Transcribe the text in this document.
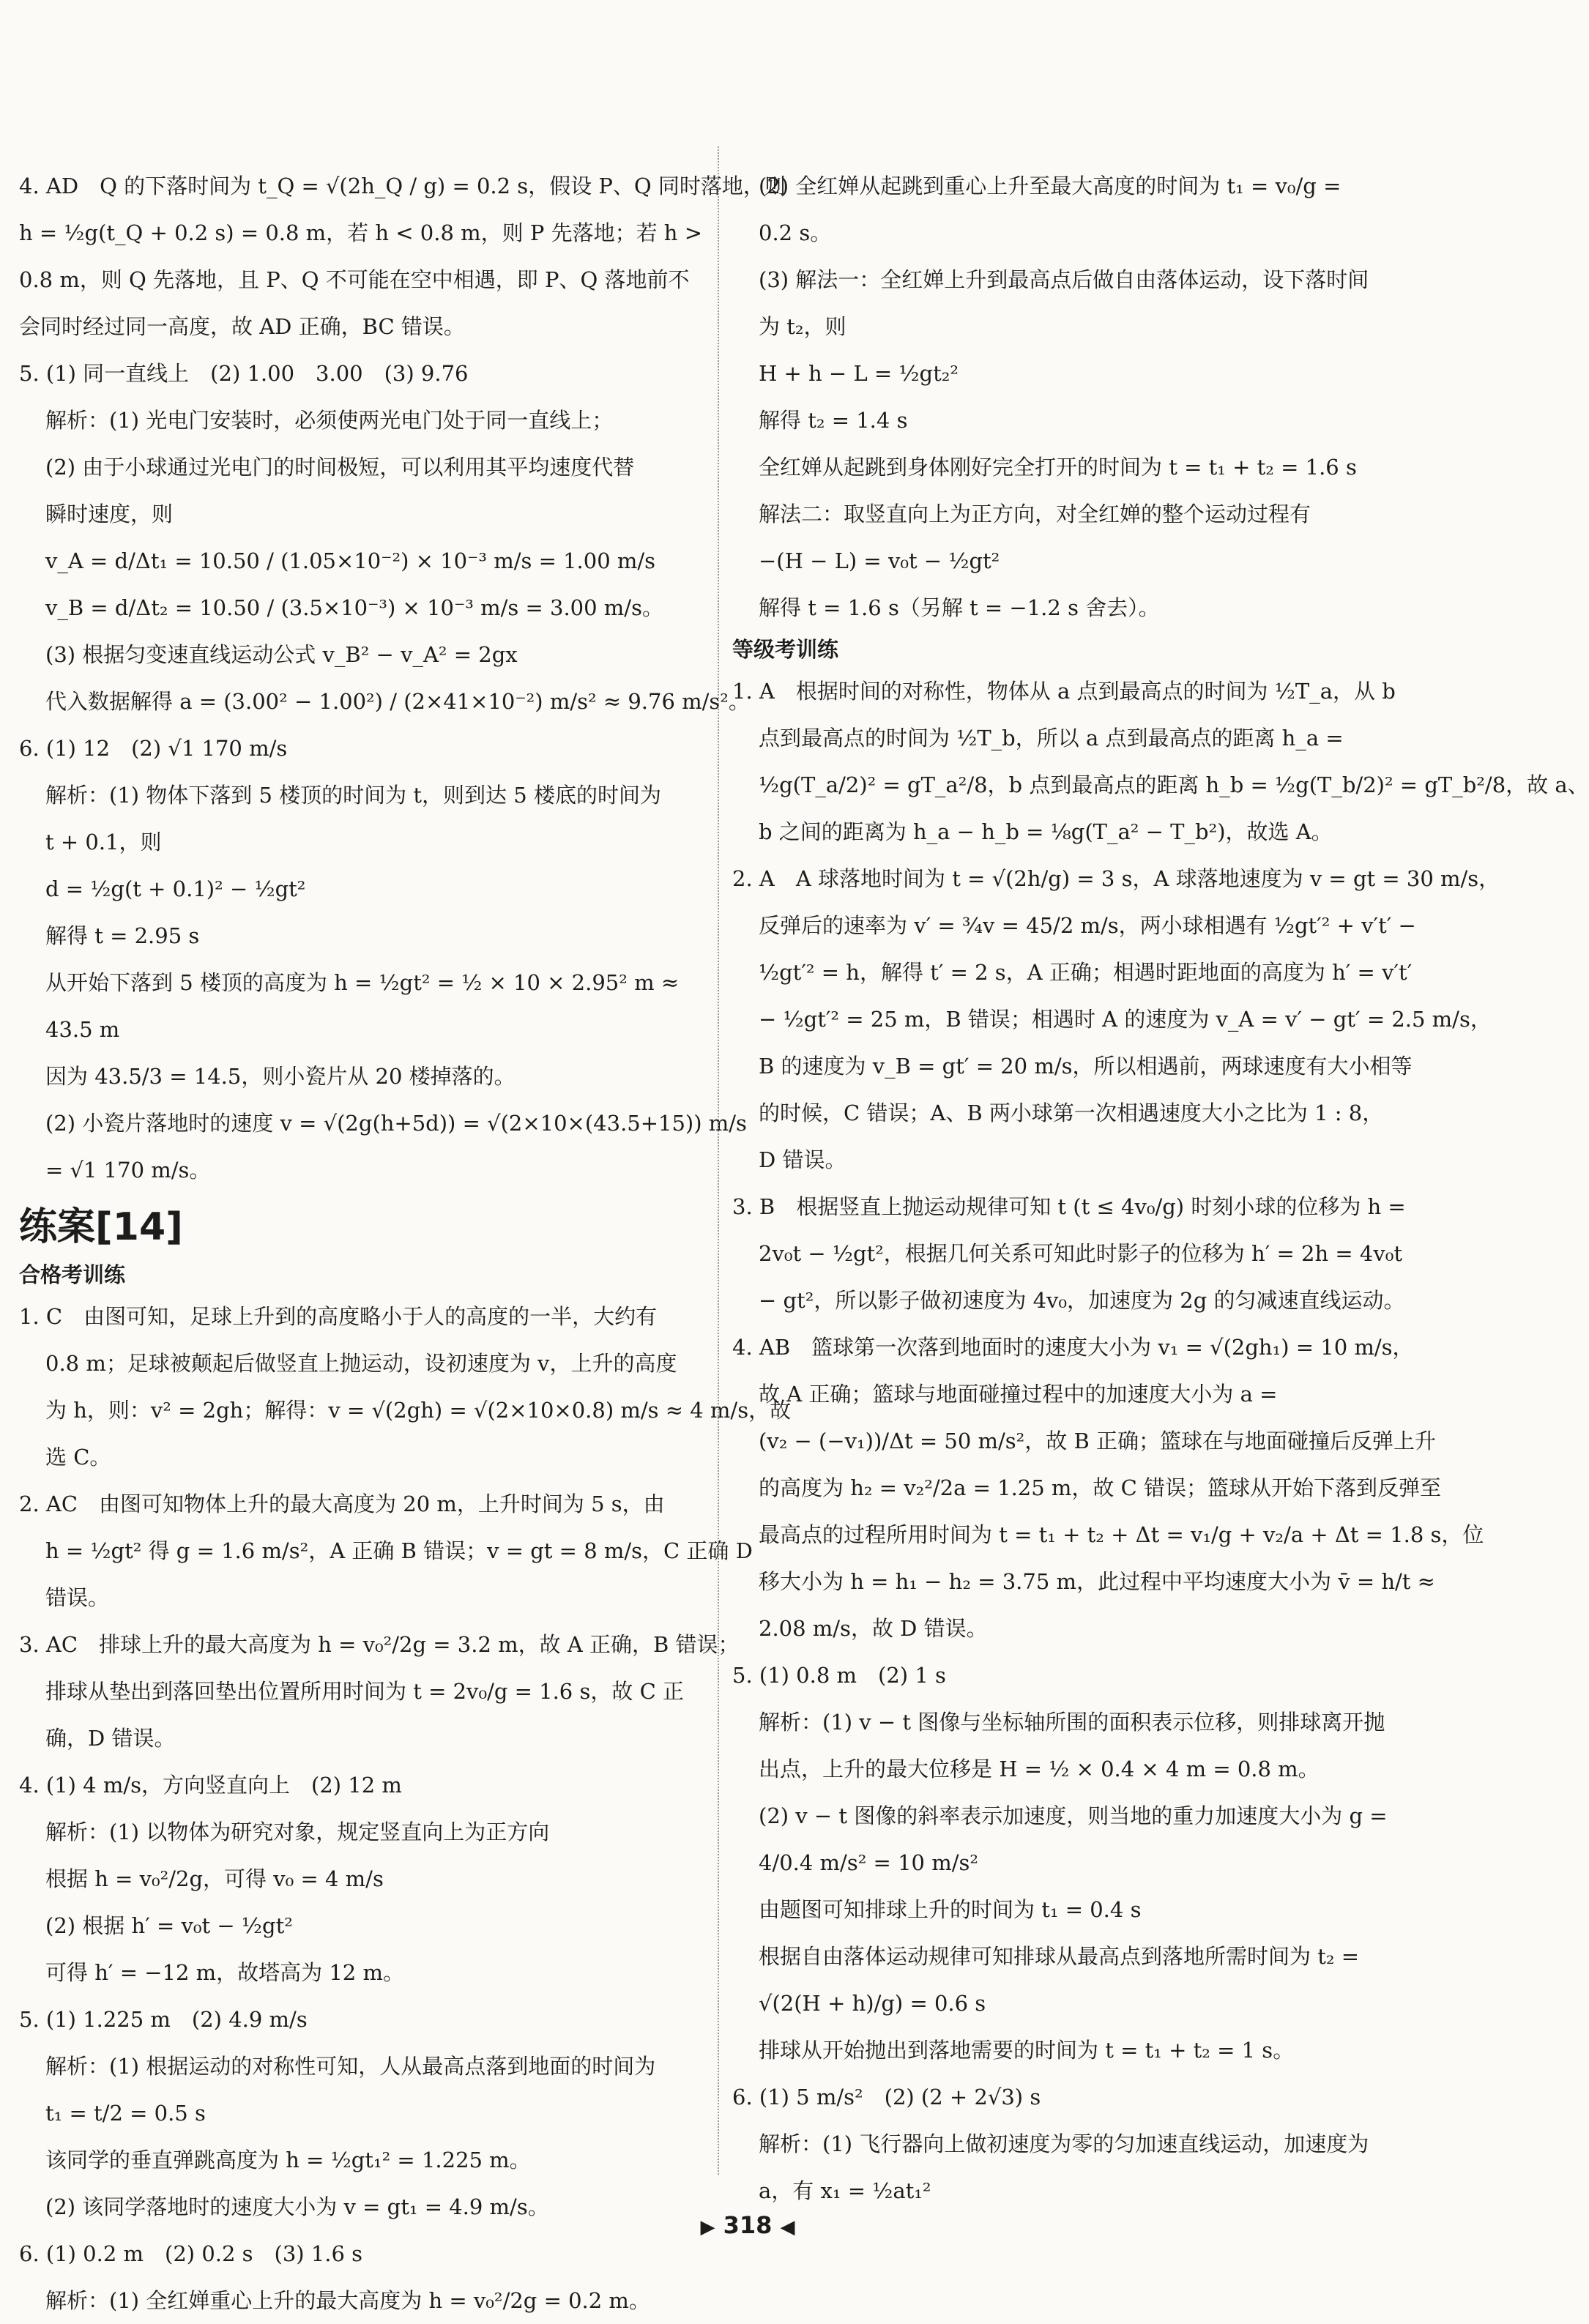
4. AD　Q 的下落时间为 t_Q = √(2h_Q / g) = 0.2 s，假设 P、Q 同时落地，则
h = ½g(t_Q + 0.2 s) = 0.8 m，若 h < 0.8 m，则 P 先落地；若 h >
0.8 m，则 Q 先落地，且 P、Q 不可能在空中相遇，即 P、Q 落地前不
会同时经过同一高度，故 AD 正确，BC 错误。
5. (1) 同一直线上　(2) 1.00　3.00　(3) 9.76
解析：(1) 光电门安装时，必须使两光电门处于同一直线上；
(2) 由于小球通过光电门的时间极短，可以利用其平均速度代替
瞬时速度，则
v_A = d/Δt₁ = 10.50 / (1.05×10⁻²) × 10⁻³ m/s = 1.00 m/s
v_B = d/Δt₂ = 10.50 / (3.5×10⁻³) × 10⁻³ m/s = 3.00 m/s。
(3) 根据匀变速直线运动公式 v_B² − v_A² = 2gx
代入数据解得 a = (3.00² − 1.00²) / (2×41×10⁻²) m/s² ≈ 9.76 m/s²。
6. (1) 12　(2) √1 170 m/s
解析：(1) 物体下落到 5 楼顶的时间为 t，则到达 5 楼底的时间为
t + 0.1，则
d = ½g(t + 0.1)² − ½gt²
解得 t = 2.95 s
从开始下落到 5 楼顶的高度为 h = ½gt² = ½ × 10 × 2.95² m ≈
43.5 m
因为 43.5/3 = 14.5，则小瓷片从 20 楼掉落的。
(2) 小瓷片落地时的速度 v = √(2g(h+5d)) = √(2×10×(43.5+15)) m/s
= √1 170 m/s。
练案[14]
合格考训练
1. C　由图可知，足球上升到的高度略小于人的高度的一半，大约有
0.8 m；足球被颠起后做竖直上抛运动，设初速度为 v，上升的高度
为 h，则：v² = 2gh；解得：v = √(2gh) = √(2×10×0.8) m/s ≈ 4 m/s，故
选 C。
2. AC　由图可知物体上升的最大高度为 20 m，上升时间为 5 s，由
h = ½gt² 得 g = 1.6 m/s²，A 正确 B 错误；v = gt = 8 m/s，C 正确 D
错误。
3. AC　排球上升的最大高度为 h = v₀²/2g = 3.2 m，故 A 正确，B 错误；
排球从垫出到落回垫出位置所用时间为 t = 2v₀/g = 1.6 s，故 C 正
确，D 错误。
4. (1) 4 m/s，方向竖直向上　(2) 12 m
解析：(1) 以物体为研究对象，规定竖直向上为正方向
根据 h = v₀²/2g，可得 v₀ = 4 m/s
(2) 根据 h′ = v₀t − ½gt²
可得 h′ = −12 m，故塔高为 12 m。
5. (1) 1.225 m　(2) 4.9 m/s
解析：(1) 根据运动的对称性可知，人从最高点落到地面的时间为
t₁ = t/2 = 0.5 s
该同学的垂直弹跳高度为 h = ½gt₁² = 1.225 m。
(2) 该同学落地时的速度大小为 v = gt₁ = 4.9 m/s。
6. (1) 0.2 m　(2) 0.2 s　(3) 1.6 s
解析：(1) 全红婵重心上升的最大高度为 h = v₀²/2g = 0.2 m。
(2) 全红婵从起跳到重心上升至最大高度的时间为 t₁ = v₀/g =
0.2 s。
(3) 解法一：全红婵上升到最高点后做自由落体运动，设下落时间
为 t₂，则
H + h − L = ½gt₂²
解得 t₂ = 1.4 s
全红婵从起跳到身体刚好完全打开的时间为 t = t₁ + t₂ = 1.6 s
解法二：取竖直向上为正方向，对全红婵的整个运动过程有
−(H − L) = v₀t − ½gt²
解得 t = 1.6 s（另解 t = −1.2 s 舍去）。
等级考训练
1. A　根据时间的对称性，物体从 a 点到最高点的时间为 ½T_a，从 b
点到最高点的时间为 ½T_b，所以 a 点到最高点的距离 h_a =
½g(T_a/2)² = gT_a²/8，b 点到最高点的距离 h_b = ½g(T_b/2)² = gT_b²/8，故 a、
b 之间的距离为 h_a − h_b = ⅛g(T_a² − T_b²)，故选 A。
2. A　A 球落地时间为 t = √(2h/g) = 3 s，A 球落地速度为 v = gt = 30 m/s，
反弹后的速率为 v′ = ¾v = 45/2 m/s，两小球相遇有 ½gt′² + v′t′ −
½gt′² = h，解得 t′ = 2 s，A 正确；相遇时距地面的高度为 h′ = v′t′
− ½gt′² = 25 m，B 错误；相遇时 A 的速度为 v_A = v′ − gt′ = 2.5 m/s，
B 的速度为 v_B = gt′ = 20 m/s，所以相遇前，两球速度有大小相等
的时候，C 错误；A、B 两小球第一次相遇速度大小之比为 1 : 8，
D 错误。
3. B　根据竖直上抛运动规律可知 t (t ≤ 4v₀/g) 时刻小球的位移为 h =
2v₀t − ½gt²，根据几何关系可知此时影子的位移为 h′ = 2h = 4v₀t
− gt²，所以影子做初速度为 4v₀，加速度为 2g 的匀减速直线运动。
4. AB　篮球第一次落到地面时的速度大小为 v₁ = √(2gh₁) = 10 m/s，
故 A 正确；篮球与地面碰撞过程中的加速度大小为 a =
(v₂ − (−v₁))/Δt = 50 m/s²，故 B 正确；篮球在与地面碰撞后反弹上升
的高度为 h₂ = v₂²/2a = 1.25 m，故 C 错误；篮球从开始下落到反弹至
最高点的过程所用时间为 t = t₁ + t₂ + Δt = v₁/g + v₂/a + Δt = 1.8 s，位
移大小为 h = h₁ − h₂ = 3.75 m，此过程中平均速度大小为 v̄ = h/t ≈
2.08 m/s，故 D 错误。
5. (1) 0.8 m　(2) 1 s
解析：(1) v − t 图像与坐标轴所围的面积表示位移，则排球离开抛
出点，上升的最大位移是 H = ½ × 0.4 × 4 m = 0.8 m。
(2) v − t 图像的斜率表示加速度，则当地的重力加速度大小为 g =
4/0.4 m/s² = 10 m/s²
由题图可知排球上升的时间为 t₁ = 0.4 s
根据自由落体运动规律可知排球从最高点到落地所需时间为 t₂ =
√(2(H + h)/g) = 0.6 s
排球从开始抛出到落地需要的时间为 t = t₁ + t₂ = 1 s。
6. (1) 5 m/s²　(2) (2 + 2√3) s
解析：(1) 飞行器向上做初速度为零的匀加速直线运动，加速度为
a，有 x₁ = ½at₁²
▶ 318 ◀
